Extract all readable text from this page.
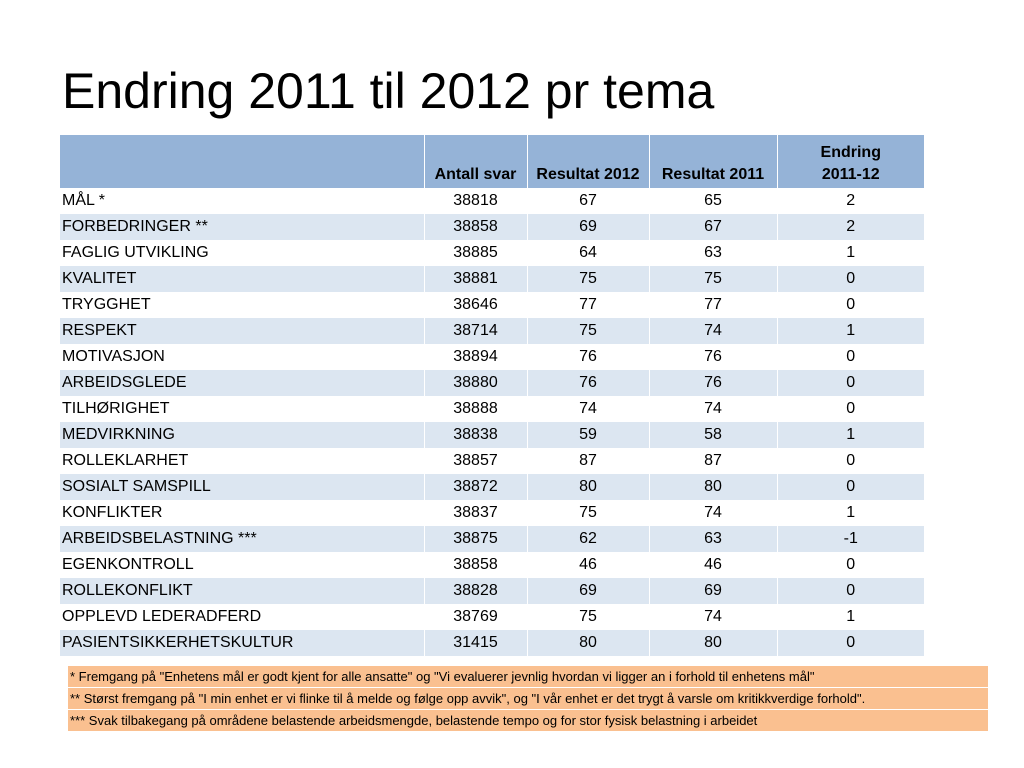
Endring 2011 til 2012 pr tema
	Antall svar	Resultat 2012	Resultat 2011	Endring
2011-12
MÅL *	38818	67	65	2
FORBEDRINGER **	38858	69	67	2
FAGLIG UTVIKLING	38885	64	63	1
KVALITET	38881	75	75	0
TRYGGHET	38646	77	77	0
RESPEKT	38714	75	74	1
MOTIVASJON	38894	76	76	0
ARBEIDSGLEDE	38880	76	76	0
TILHØRIGHET	38888	74	74	0
MEDVIRKNING	38838	59	58	1
ROLLEKLARHET	38857	87	87	0
SOSIALT SAMSPILL	38872	80	80	0
KONFLIKTER	38837	75	74	1
ARBEIDSBELASTNING ***	38875	62	63	-1
EGENKONTROLL	38858	46	46	0
ROLLEKONFLIKT	38828	69	69	0
OPPLEVD LEDERADFERD	38769	75	74	1
PASIENTSIKKERHETSKULTUR	31415	80	80	0
* Fremgang på "Enhetens mål er godt kjent for alle ansatte" og "Vi evaluerer jevnlig hvordan vi ligger an i forhold til enhetens mål"
** Størst fremgang på "I min enhet er vi flinke til å melde og følge opp avvik", og "I vår enhet er det trygt å varsle om kritikkverdige forhold".
*** Svak tilbakegang på områdene belastende arbeidsmengde, belastende tempo og for stor fysisk belastning i arbeidet
